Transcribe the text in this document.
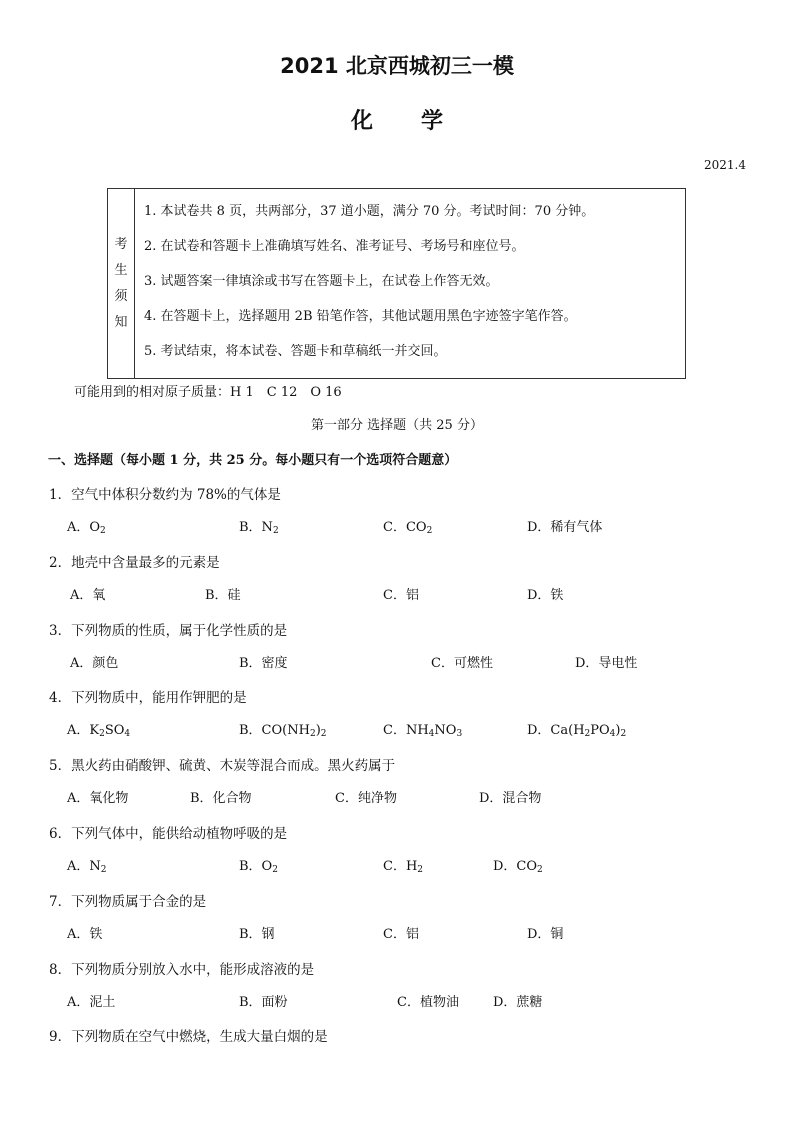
2021 北京西城初三一模
化 学
2021.4
考
生
须
知
1. 本试卷共 8 页，共两部分，37 道小题，满分 70 分。考试时间：70 分钟。
2. 在试卷和答题卡上准确填写姓名、准考证号、考场号和座位号。
3. 试题答案一律填涂或书写在答题卡上，在试卷上作答无效。
4. 在答题卡上，选择题用 2B 铅笔作答，其他试题用黑色字迹签字笔作答。
5. 考试结束，将本试卷、答题卡和草稿纸一并交回。
可能用到的相对原子质量：H 1　C 12　O 16
第一部分 选择题（共 25 分）
一、选择题（每小题 1 分，共 25 分。每小题只有一个选项符合题意）
1．空气中体积分数约为 78%的气体是
A．$O_2$	B．$N_2$	C．$CO_2$	D．稀有气体
2．地壳中含量最多的元素是
A．氧	B．硅	C．铝	D．铁
3．下列物质的性质，属于化学性质的是
A．颜色	B．密度	C．可燃性	D．导电性
4．下列物质中，能用作钾肥的是
A．$K_2SO_4$	B．$CO(NH_2)_2$	C．$NH_4NO_3$	D．$Ca(H_2PO_4)_2$
5．黑火药由硝酸钾、硫黄、木炭等混合而成。黑火药属于
A．氧化物	B．化合物	C．纯净物	D．混合物
6．下列气体中，能供给动植物呼吸的是
A．$N_2$	B．$O_2$	C．$H_2$	D．$CO_2$
7．下列物质属于合金的是
A．铁	B．钢	C．铝	D．铜
8．下列物质分别放入水中，能形成溶液的是
A．泥土	B．面粉	C．植物油	D．蔗糖
9．下列物质在空气中燃烧，生成大量白烟的是
